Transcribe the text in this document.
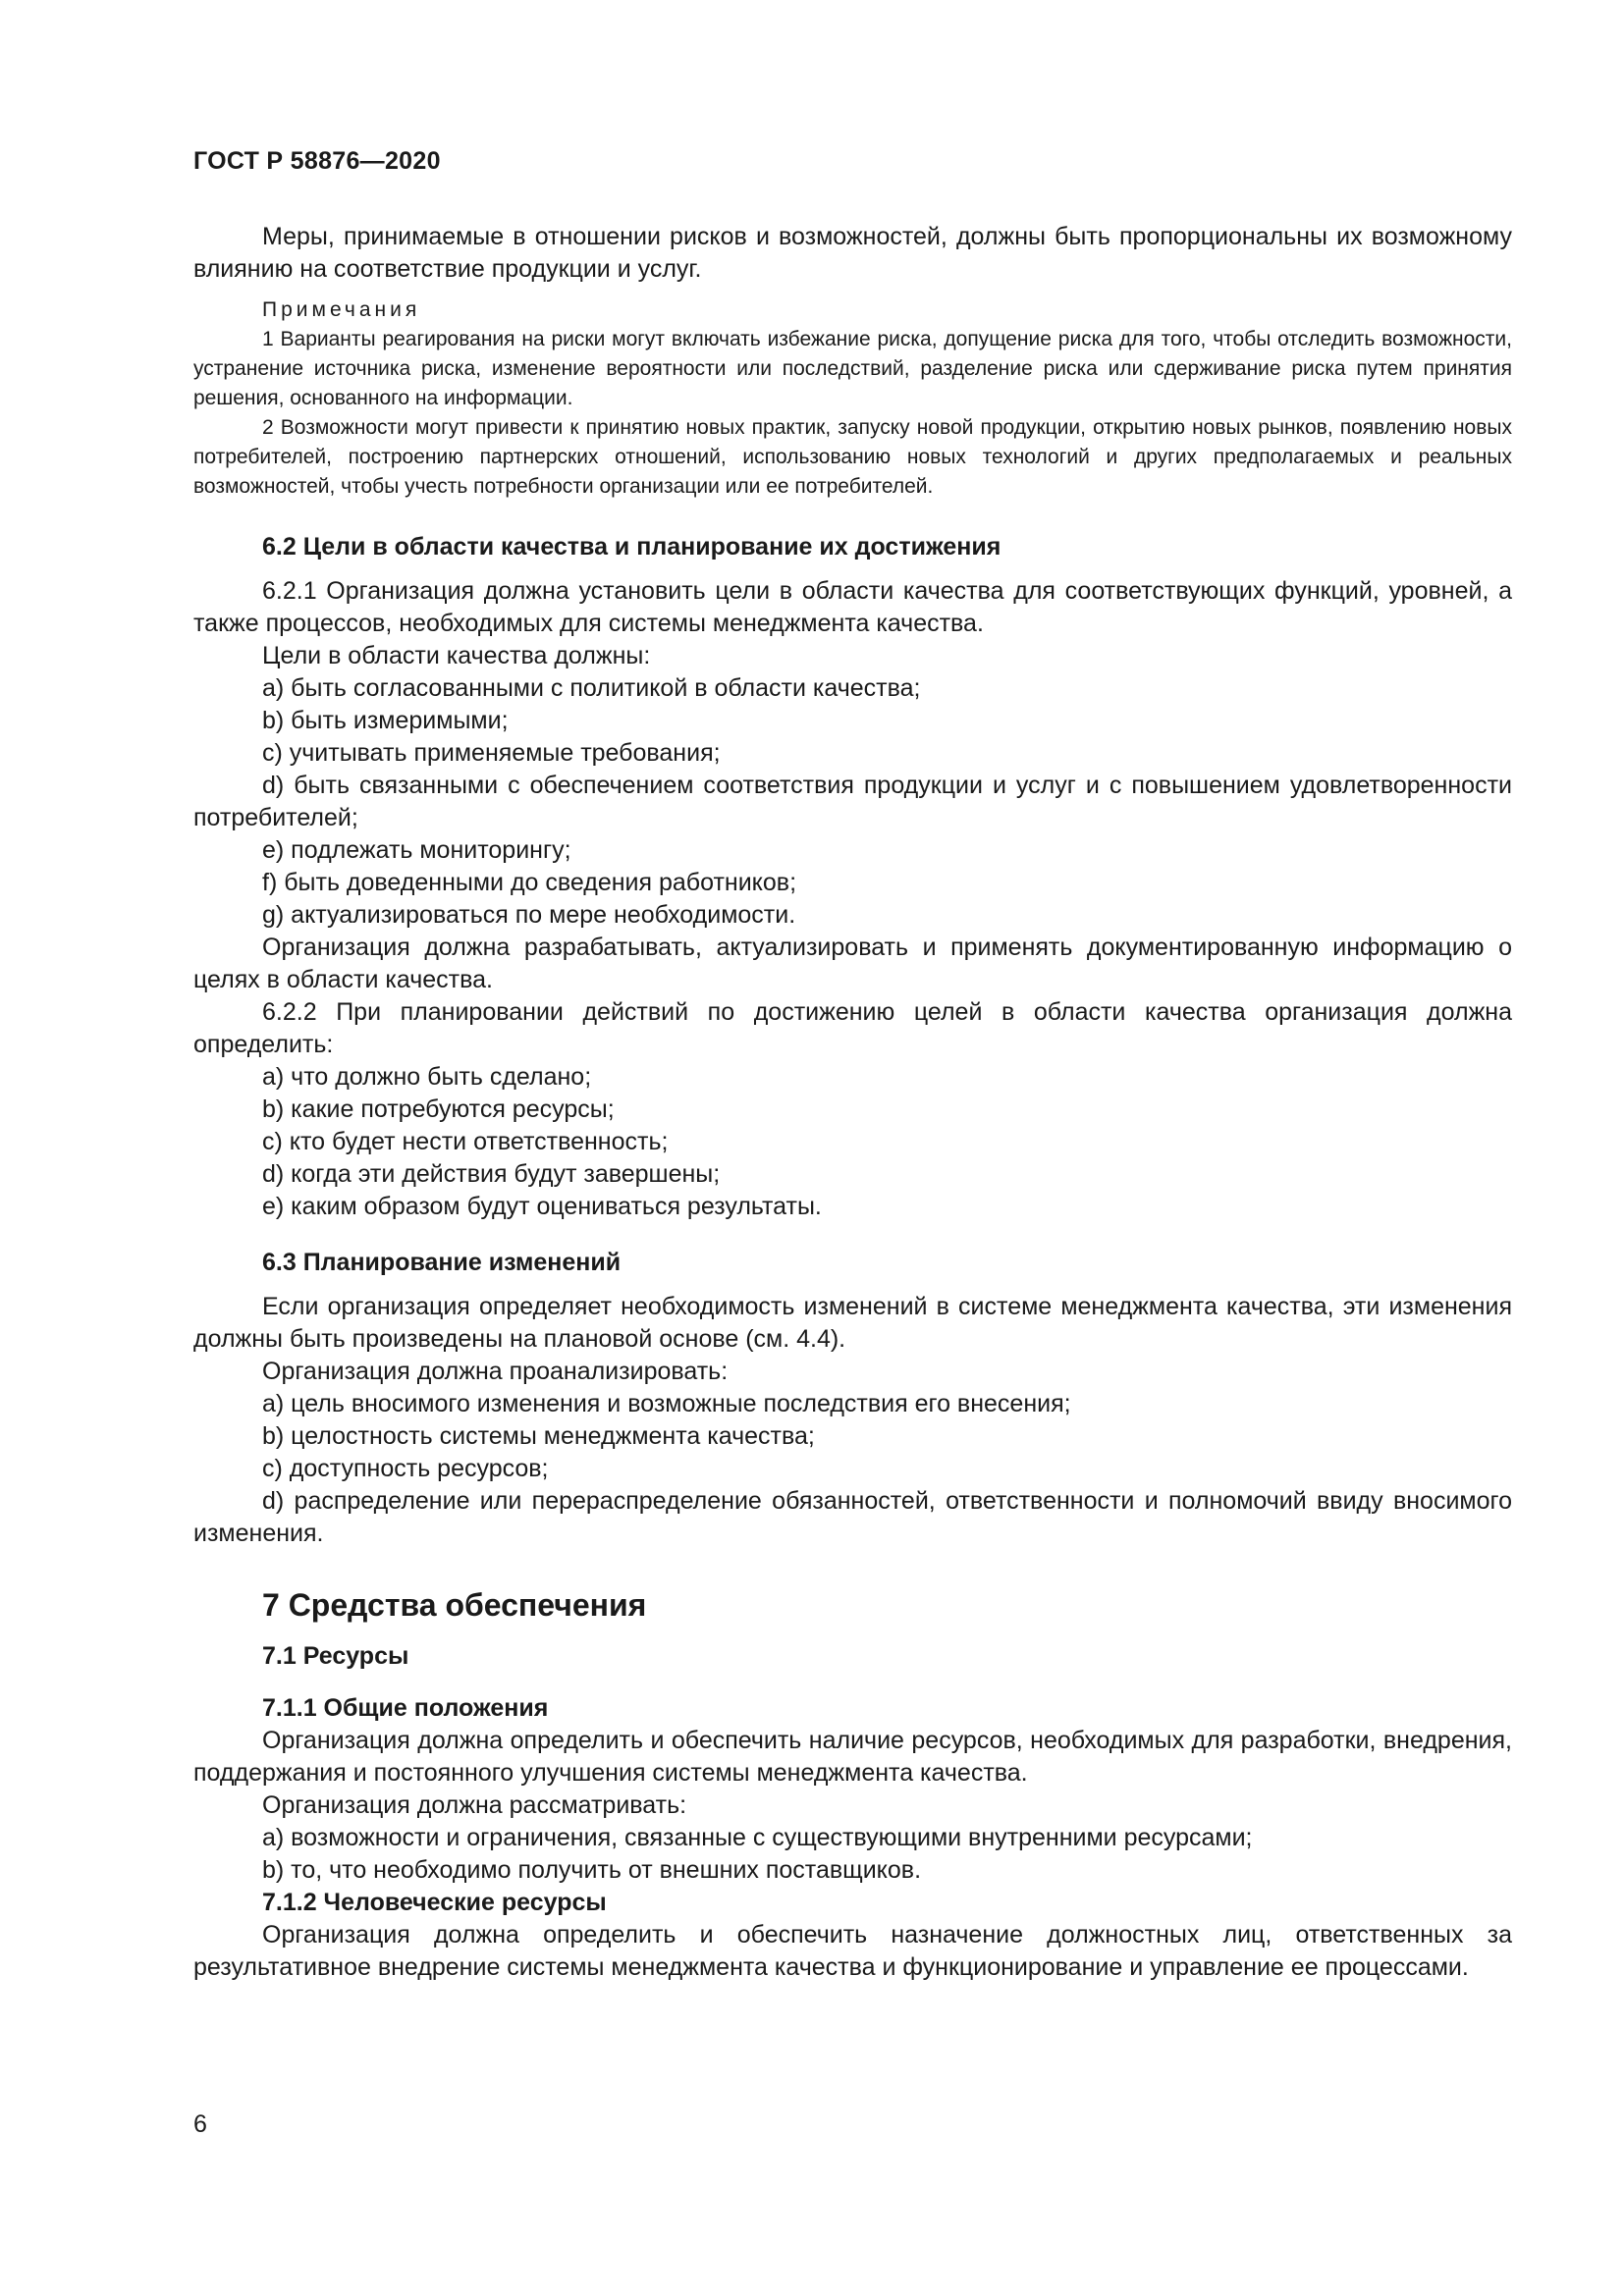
ГОСТ Р 58876—2020

Меры, принимаемые в отношении рисков и возможностей, должны быть пропорциональны их возможному влиянию на соответствие продукции и услуг.

Примечания

1 Варианты реагирования на риски могут включать избежание риска, допущение риска для того, чтобы отследить возможности, устранение источника риска, изменение вероятности или последствий, разделение риска или сдерживание риска путем принятия решения, основанного на информации.

2 Возможности могут привести к принятию новых практик, запуску новой продукции, открытию новых рынков, появлению новых потребителей, построению партнерских отношений, использованию новых технологий и других предполагаемых и реальных возможностей, чтобы учесть потребности организации или ее потребителей.

6.2 Цели в области качества и планирование их достижения

6.2.1 Организация должна установить цели в области качества для соответствующих функций, уровней, а также процессов, необходимых для системы менеджмента качества.

Цели в области качества должны:

a) быть согласованными с политикой в области качества;

b) быть измеримыми;

c) учитывать применяемые требования;

d) быть связанными с обеспечением соответствия продукции и услуг и с повышением удовлетворенности потребителей;

e) подлежать мониторингу;

f) быть доведенными до сведения работников;

g) актуализироваться по мере необходимости.

Организация должна разрабатывать, актуализировать и применять документированную информацию о целях в области качества.

6.2.2 При планировании действий по достижению целей в области качества организация должна определить:

a) что должно быть сделано;

b) какие потребуются ресурсы;

c) кто будет нести ответственность;

d) когда эти действия будут завершены;

e) каким образом будут оцениваться результаты.

6.3 Планирование изменений

Если организация определяет необходимость изменений в системе менеджмента качества, эти изменения должны быть произведены на плановой основе (см. 4.4).

Организация должна проанализировать:

a) цель вносимого изменения и возможные последствия его внесения;

b) целостность системы менеджмента качества;

c) доступность ресурсов;

d) распределение или перераспределение обязанностей, ответственности и полномочий ввиду вносимого изменения.

7 Средства обеспечения
7.1 Ресурсы
7.1.1 Общие положения

Организация должна определить и обеспечить наличие ресурсов, необходимых для разработки, внедрения, поддержания и постоянного улучшения системы менеджмента качества.

Организация должна рассматривать:

a) возможности и ограничения, связанные с существующими внутренними ресурсами;

b) то, что необходимо получить от внешних поставщиков.

7.1.2 Человеческие ресурсы

Организация должна определить и обеспечить назначение должностных лиц, ответственных за результативное внедрение системы менеджмента качества и функционирование и управление ее процессами.

6
